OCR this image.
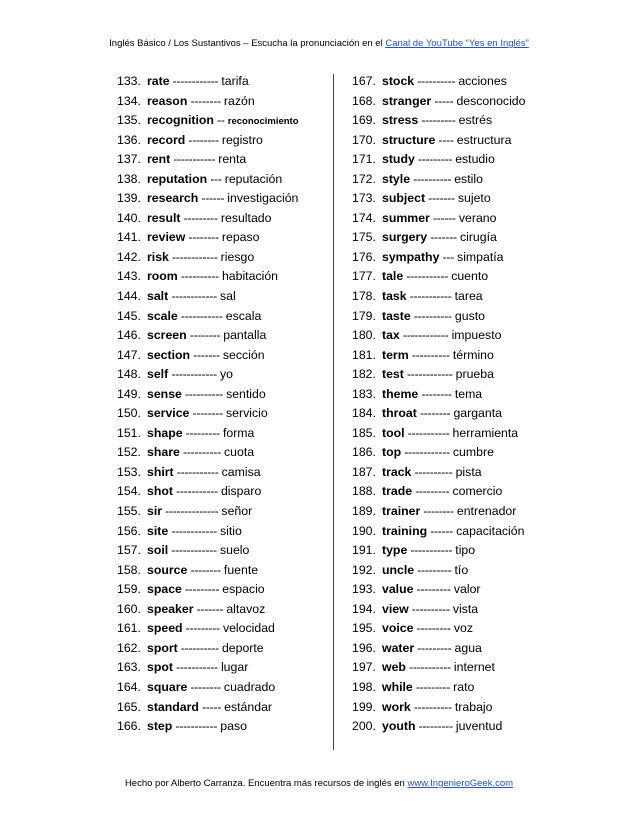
Inglés Básico / Los Sustantivos – Escucha la pronunciación en el Canal de YouTube “Yes en Inglés”
133. rate ------------ tarifa
134. reason -------- razón
135. recognition -- reconocimiento
136. record -------- registro
137. rent ----------- renta
138. reputation --- reputación
139. research ------ investigación
140. result --------- resultado
141. review -------- repaso
142. risk ------------ riesgo
143. room ---------- habitación
144. salt ------------ sal
145. scale ----------- escala
146. screen -------- pantalla
147. section ------- sección
148. self ------------ yo
149. sense ---------- sentido
150. service -------- servicio
151. shape --------- forma
152. share ---------- cuota
153. shirt ----------- camisa
154. shot ----------- disparo
155. sir -------------- señor
156. site ------------ sitio
157. soil ------------ suelo
158. source -------- fuente
159. space --------- espacio
160. speaker ------- altavoz
161. speed --------- velocidad
162. sport ---------- deporte
163. spot ----------- lugar
164. square -------- cuadrado
165. standard ----- estándar
166. step ----------- paso
167. stock ---------- acciones
168. stranger ----- desconocido
169. stress --------- estrés
170. structure ---- estructura
171. study --------- estudio
172. style ---------- estilo
173. subject ------- sujeto
174. summer ------ verano
175. surgery ------- cirugía
176. sympathy --- simpatía
177. tale ----------- cuento
178. task ----------- tarea
179. taste ---------- gusto
180. tax ------------ impuesto
181. term ---------- término
182. test ------------ prueba
183. theme -------- tema
184. throat -------- garganta
185. tool ----------- herramienta
186. top ------------ cumbre
187. track ---------- pista
188. trade --------- comercio
189. trainer -------- entrenador
190. training ------ capacitación
191. type ----------- tipo
192. uncle --------- tío
193. value --------- valor
194. view ---------- vista
195. voice --------- voz
196. water --------- agua
197. web ----------- internet
198. while --------- rato
199. work ---------- trabajo
200. youth --------- juventud
Hecho por Alberto Carranza. Encuentra más recursos de inglés en www.IngenieroGeek.com
